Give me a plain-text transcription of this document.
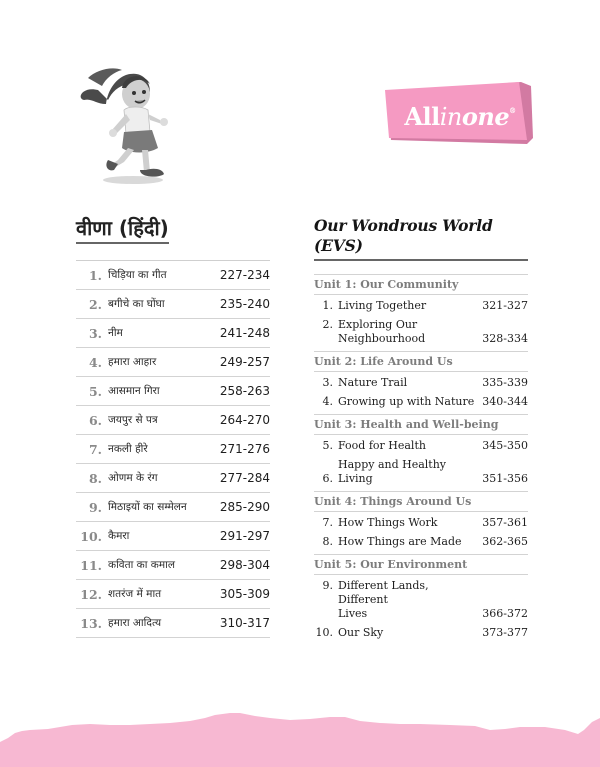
Allinone®
वीणा (हिंदी)
1. चिड़िया का गीत	227-234
2. बगीचे का घोंघा	235-240
3. नीम	241-248
4. हमारा आहार	249-257
5. आसमान गिरा	258-263
6. जयपुर से पत्र	264-270
7. नकली हीरे	271-276
8. ओणम के रंग	277-284
9. मिठाइयों का सम्मेलन	285-290
10. कैमरा	291-297
11. कविता का कमाल	298-304
12. शतरंज में मात	305-309
13. हमारा आदित्य	310-317
Our Wondrous World (EVS)
Unit 1: Our Community
1. Living Together	321-327
2. Exploring Our
Neighbourhood	328-334
Unit 2: Life Around Us
3. Nature Trail	335-339
4. Growing up with Nature 340-344
Unit 3: Health and Well-being
5. Food for Health	345-350
6.
Happy and Healthy Living	351-356
Unit 4: Things Around Us
7. How Things Work	357-361
8. How Things are Made	362-365
Unit 5: Our Environment
9. Different Lands, Different
Lives	366-372
10. Our Sky	373-377
